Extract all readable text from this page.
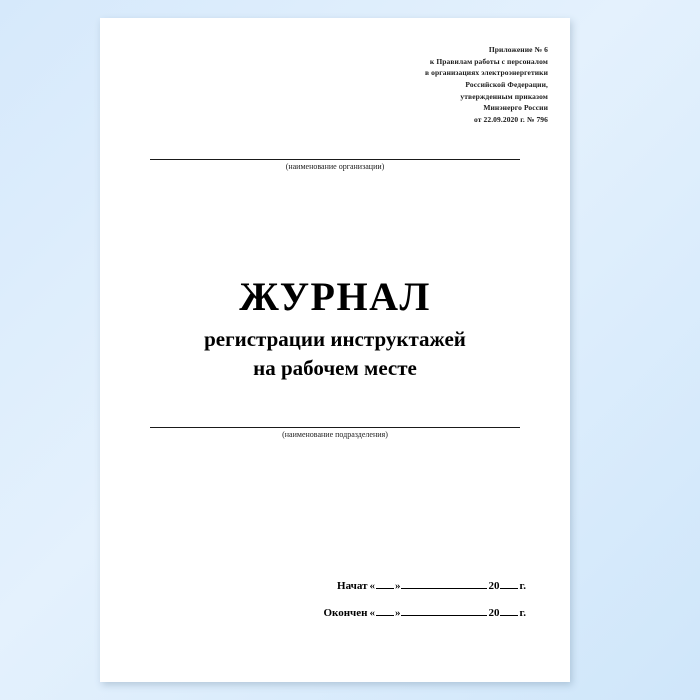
Приложение № 6
к Правилам работы с персоналом
в организациях электроэнергетики
Российской Федерации,
утвержденным приказом
Минэнерго России
от 22.09.2020 г. № 796
(наименование организации)
ЖУРНАЛ
регистрации инструктажей
на рабочем месте
(наименование подразделения)
Начат « »	20 г.
Окончен « »	20 г.
